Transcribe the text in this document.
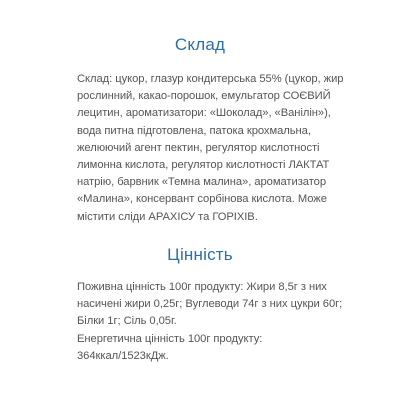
Склад

Склад: цукор, глазур кондитерська 55% (цукор, жир
рослинний, какао-порошок, емульгатор СОЄВИЙ
лецитин, ароматизатори: «Шоколад», «Ванілін»),
вода питна підготовлена, патока крохмальна,
желюючий агент пектин, регулятор кислотності
лимонна кислота, регулятор кислотності ЛАКТАТ
натрію, барвник «Темна малина», ароматизатор
«Малина», консервант сорбінова кислота. Може
містити сліди АРАХІСУ та ГОРІХІВ.

Цінність

Поживна цінність 100г продукту: Жири 8,5г з них
насичені жири 0,25г; Вуглеводи 74г з них цукри 60г;
Білки 1г; Сіль 0,05г.
Енергетична цінність 100г продукту:
364ккал/1523кДж.
